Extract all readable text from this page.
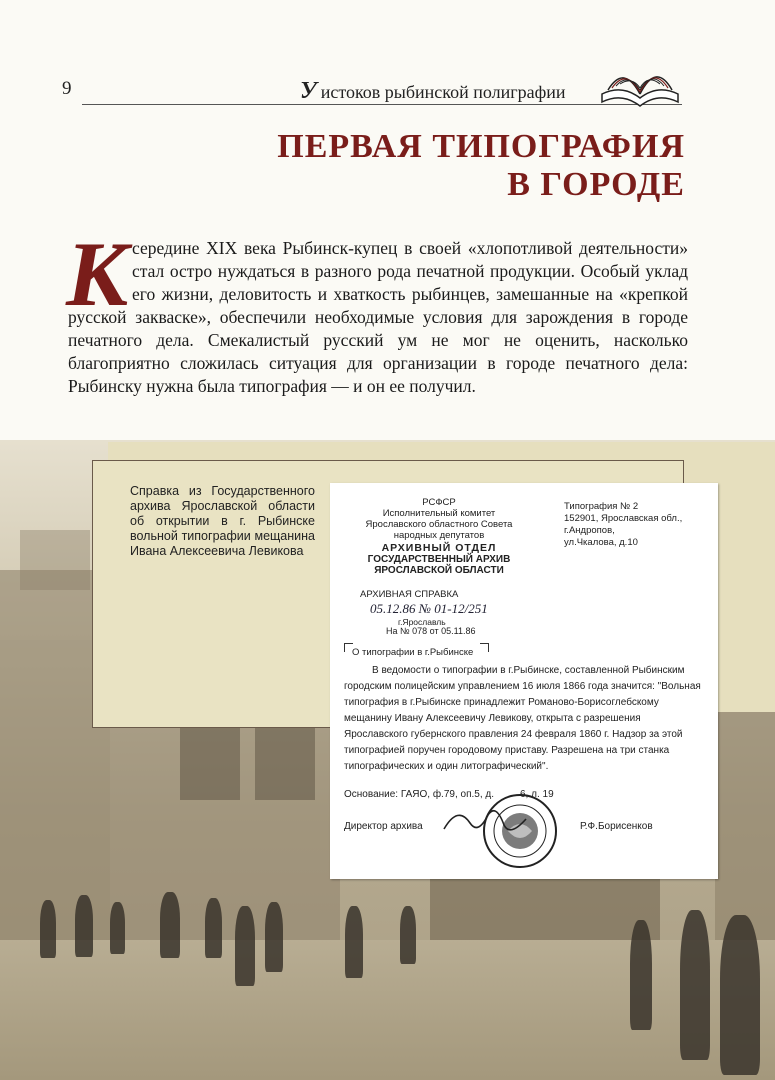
Справка из Государственного архива Ярославской области об открытии в г. Рыбинске вольной типографии мещанина Ивана Алексеевича Левикова
9	У истоков рыбинской полиграфии
ПЕРВАЯ ТИПОГРАФИЯ
В ГОРОДЕ
середине XIX века Рыбинск-купец в своей «хлопотливой деятельности» стал остро нуждаться в разного рода печатной продукции. Особый уклад его жизни, деловитость и хваткость рыбинцев, замешанные на «крепкой русской закваске», обеспечили необходимые условия для зарождения в городе печатного дела. Смекалистый русский ум не мог не оценить, насколько благоприятно сложилась ситуация для организации в городе печатного дела: Рыбинску нужна была типография — и он ее получил.
К
РСФСР
Исполнительный комитет
Ярославского областного Совета
народных депутатов
АРХИВНЫЙ ОТДЕЛ
ГОСУДАРСТВЕННЫЙ АРХИВ
ЯРОСЛАВСКОЙ ОБЛАСТИ
Типография № 2
152901, Ярославская обл.,
г.Андропов,
ул.Чкалова, д.10
АРХИВНАЯ СПРАВКА
05.12.86 № 01-12/251
г.Ярославль
На № 078 от 05.11.86
О типографии в г.Рыбинске
В ведомости о типографии в г.Рыбинске, составленной Рыбинским городским полицейским управлением 16 июля 1866 года значится: "Вольная типография в г.Рыбинске принадлежит Романово-Борисоглебскому мещанину Ивану Алексеевичу Левикову, открыта с разрешения Ярославского губернского правления 24 февраля 1860 г. Надзор за этой типографией поручен городовому приставу. Разрешена на три станка типографических и один литографический".
Основание: ГАЯО, ф.79, оп.5, д.	6, л. 19
Директор архива	Р.Ф.Борисенков
